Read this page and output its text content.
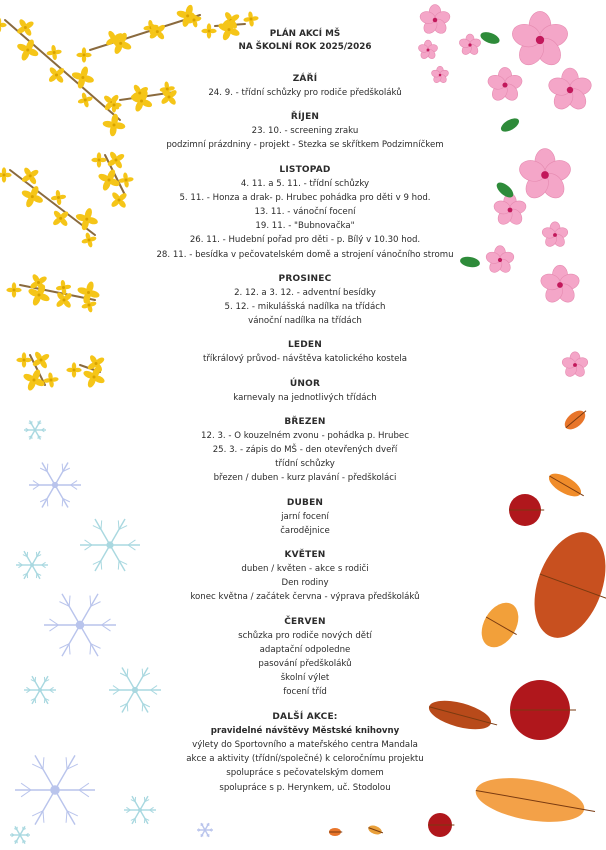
PLÁN AKCÍ MŠ
NA ŠKOLNÍ ROK 2025/2026
ZÁŘÍ
24. 9. - třídní schůzky pro rodiče předškoláků
ŘÍJEN
23. 10. - screening zraku
podzimní prázdniny - projekt - Stezka se skřítkem Podzimníčkem
LISTOPAD
4. 11. a 5. 11. - třídní schůzky
5. 11. - Honza a drak- p. Hrubec pohádka pro děti v 9 hod.
13. 11. - vánoční focení
19. 11. - "Bubnovačka"
26. 11. - Hudební pořad pro děti - p. Bílý v 10.30 hod.
28. 11. - besídka v pečovatelském domě a strojení vánočního stromu
PROSINEC
2. 12. a 3. 12. - adventní besídky
5. 12. - mikulášská nadílka na třídách
vánoční nadílka na třídách
LEDEN
tříkrálový průvod- návštěva katolického kostela
ÚNOR
karnevaly na jednotlivých třídách
BŘEZEN
12. 3. - O kouzelném zvonu - pohádka p. Hrubec
25. 3. - zápis do MŠ - den otevřených dveří
třídní schůzky
březen / duben - kurz plavání - předškoláci
DUBEN
jarní focení
čarodějnice
KVĚTEN
duben / květen - akce s rodiči
Den rodiny
konec května / začátek června - výprava předškoláků
ČERVEN
schůzka pro rodiče nových dětí
adaptační odpoledne
pasování předškoláků
školní výlet
focení tříd
DALŠÍ AKCE:
pravidelné návštěvy Městské knihovny
výlety do Sportovního a mateřského centra Mandala
akce a aktivity (třídní/společné) k celoročnímu projektu
spolupráce s pečovatelským domem
spolupráce s p. Herynkem, uč. Stodolou
